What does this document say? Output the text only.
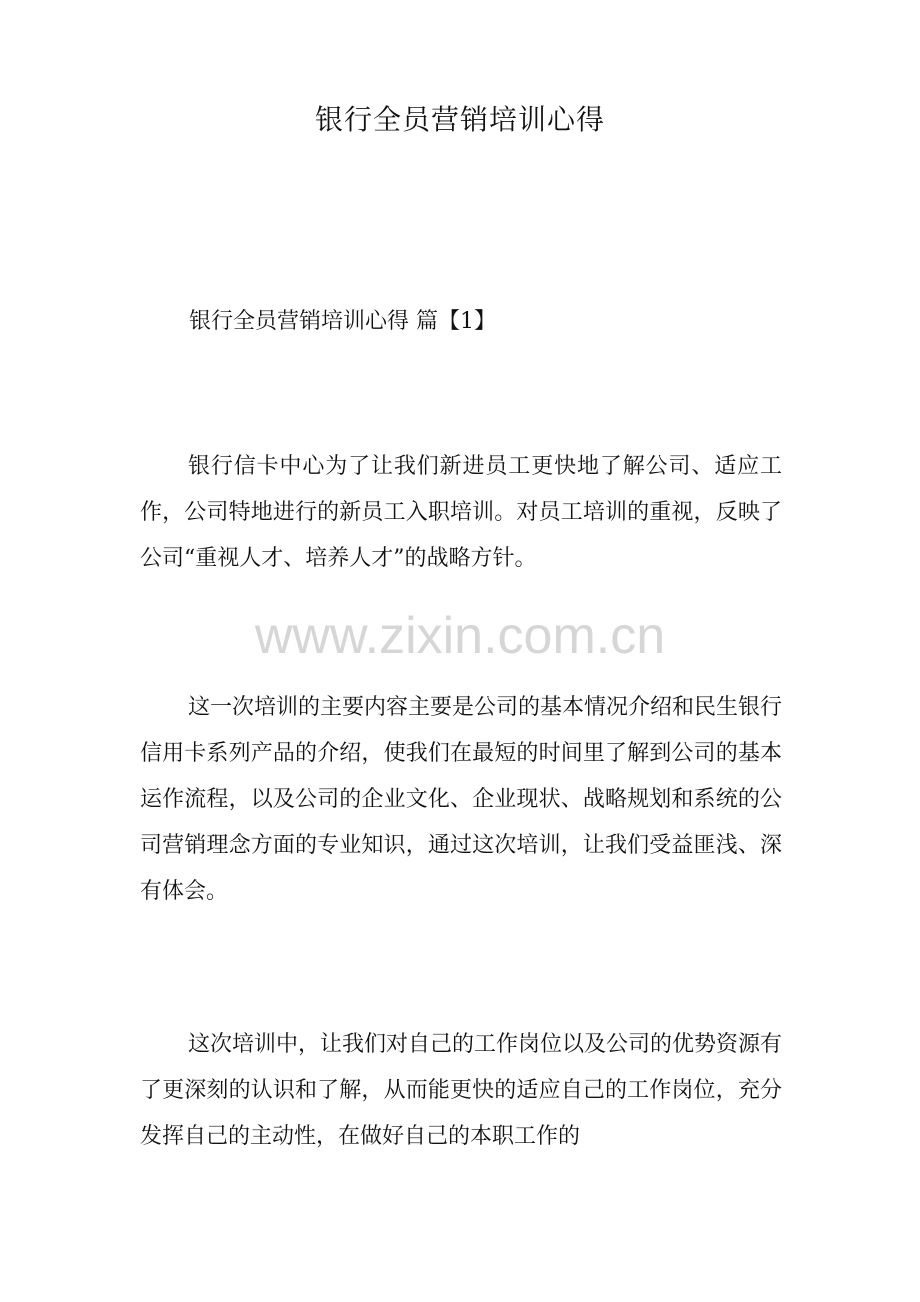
银行全员营销培训心得
银行全员营销培训心得 篇【1】

银行信卡中心为了让我们新进员工更快地了解公司、适应工作，公司特地进行的新员工入职培训。对员工培训的重视，反映了公司“重视人才、培养人才”的战略方针。

www.zixin.com.cn

这一次培训的主要内容主要是公司的基本情况介绍和民生银行信用卡系列产品的介绍，使我们在最短的时间里了解到公司的基本运作流程，以及公司的企业文化、企业现状、战略规划和系统的公司营销理念方面的专业知识，通过这次培训，让我们受益匪浅、深有体会。

这次培训中，让我们对自己的工作岗位以及公司的优势资源有了更深刻的认识和了解，从而能更快的适应自己的工作岗位，充分发挥自己的主动性，在做好自己的本职工作的
